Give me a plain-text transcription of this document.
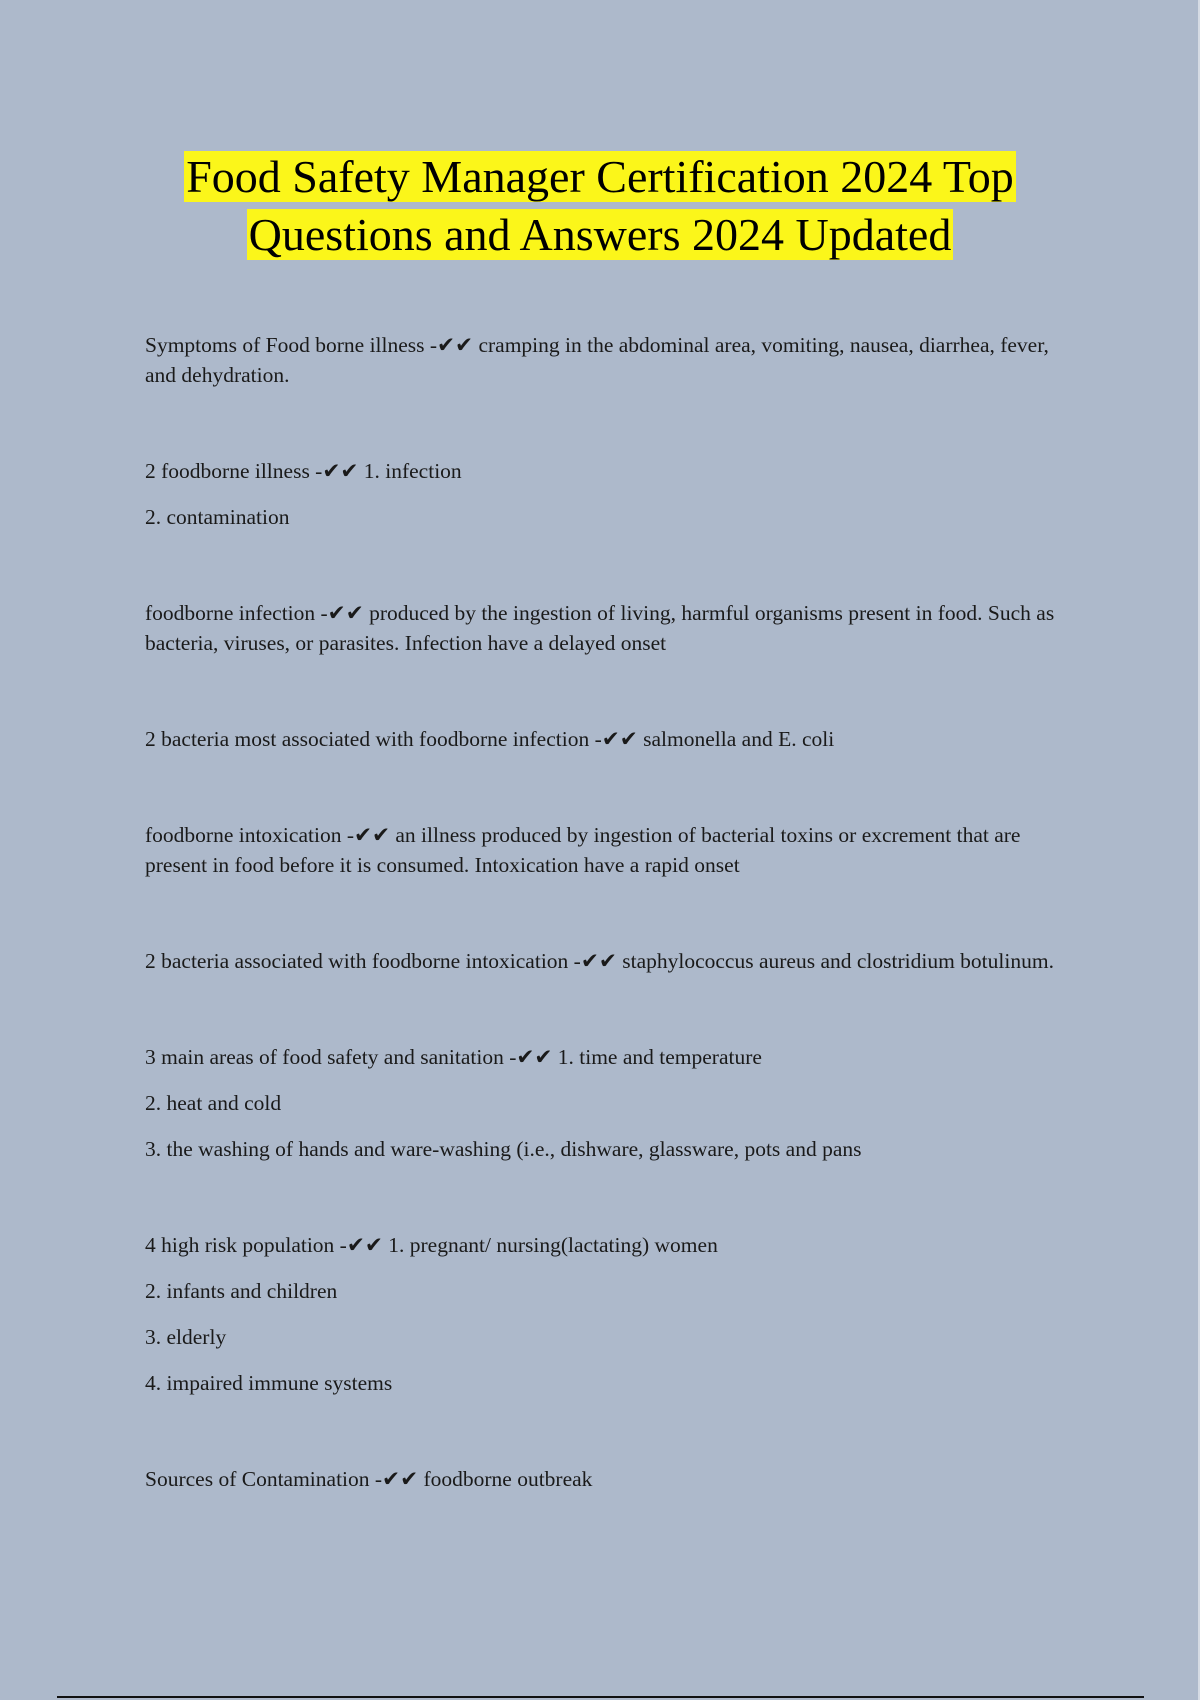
Food Safety Manager Certification 2024 Top
Questions and Answers 2024 Updated

Symptoms of Food borne illness -✔✔ cramping in the abdominal area, vomiting, nausea, diarrhea, fever, and dehydration.

2 foodborne illness -✔✔ 1. infection

2. contamination

foodborne infection -✔✔ produced by the ingestion of living, harmful organisms present in food. Such as bacteria, viruses, or parasites. Infection have a delayed onset

2 bacteria most associated with foodborne infection -✔✔ salmonella and E. coli

foodborne intoxication -✔✔ an illness produced by ingestion of bacterial toxins or excrement that are present in food before it is consumed. Intoxication have a rapid onset

2 bacteria associated with foodborne intoxication -✔✔ staphylococcus aureus and clostridium botulinum.

3 main areas of food safety and sanitation -✔✔ 1. time and temperature

2. heat and cold

3. the washing of hands and ware-washing (i.e., dishware, glassware, pots and pans

4 high risk population -✔✔ 1. pregnant/ nursing(lactating) women

2. infants and children

3. elderly

4. impaired immune systems

Sources of Contamination -✔✔ foodborne outbreak
